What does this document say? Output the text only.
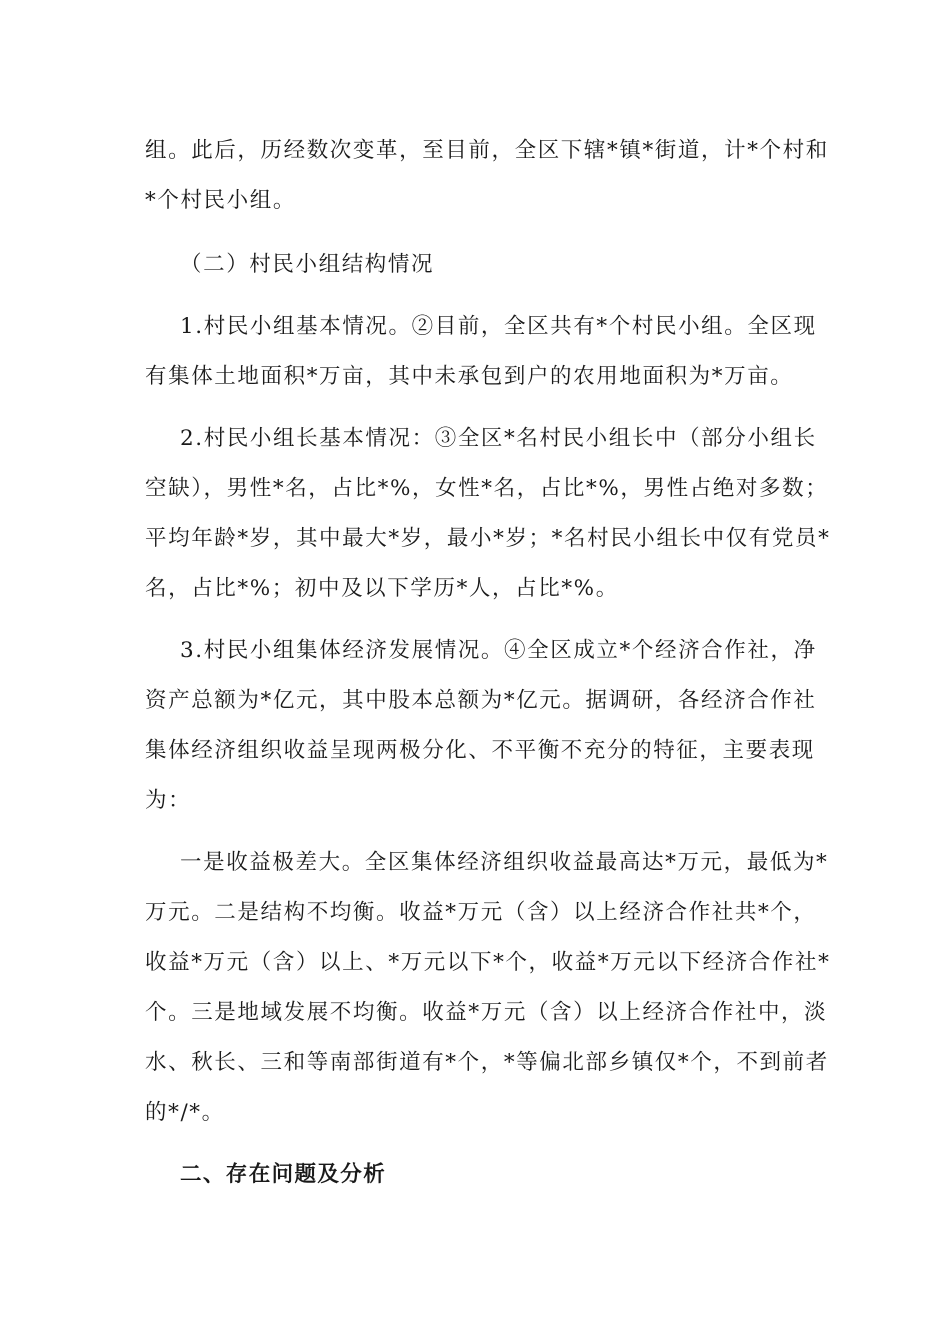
组。此后，历经数次变革，至目前，全区下辖*镇*街道，计*个村和
*个村民小组。
（二）村民小组结构情况
1.村民小组基本情况。②目前，全区共有*个村民小组。全区现
有集体土地面积*万亩，其中未承包到户的农用地面积为*万亩。
2.村民小组长基本情况：③全区*名村民小组长中（部分小组长
空缺），男性*名，占比*%，女性*名，占比*%，男性占绝对多数；
平均年龄*岁，其中最大*岁，最小*岁；*名村民小组长中仅有党员*
名，占比*%；初中及以下学历*人，占比*%。
3.村民小组集体经济发展情况。④全区成立*个经济合作社，净
资产总额为*亿元，其中股本总额为*亿元。据调研，各经济合作社
集体经济组织收益呈现两极分化、不平衡不充分的特征，主要表现
为：
一是收益极差大。全区集体经济组织收益最高达*万元，最低为*
万元。二是结构不均衡。收益*万元（含）以上经济合作社共*个，
收益*万元（含）以上、*万元以下*个，收益*万元以下经济合作社*
个。三是地域发展不均衡。收益*万元（含）以上经济合作社中，淡
水、秋长、三和等南部街道有*个，*等偏北部乡镇仅*个，不到前者
的*/*。
二、存在问题及分析
